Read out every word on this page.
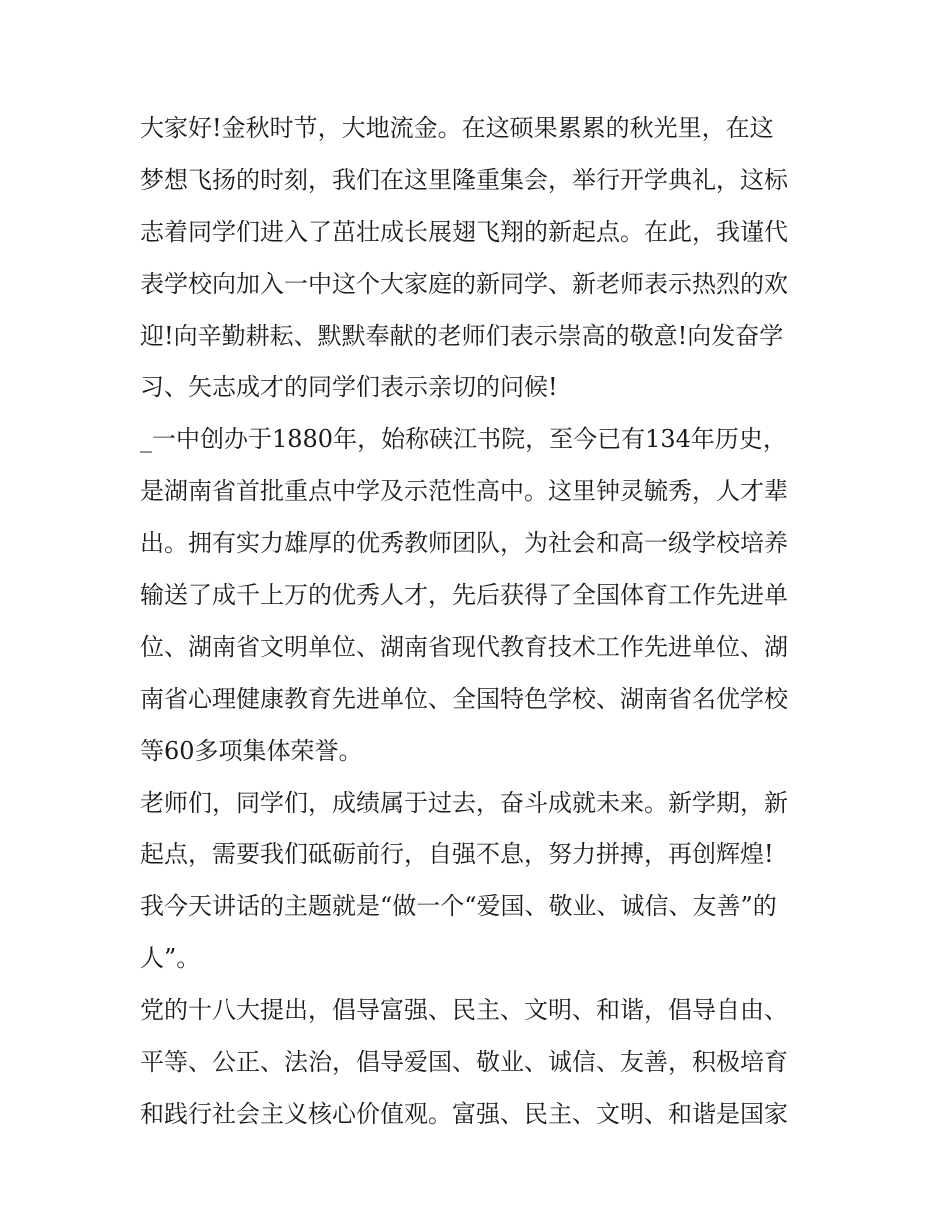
大家好!金秋时节，大地流金。在这硕果累累的秋光里，在这
梦想飞扬的时刻，我们在这里隆重集会，举行开学典礼，这标
志着同学们进入了茁壮成长展翅飞翔的新起点。在此，我谨代
表学校向加入一中这个大家庭的新同学、新老师表示热烈的欢
迎!向辛勤耕耘、默默奉献的老师们表示崇高的敬意!向发奋学
习、矢志成才的同学们表示亲切的问候!
_一中创办于1880年，始称硖江书院，至今已有134年历史，
是湖南省首批重点中学及示范性高中。这里钟灵毓秀，人才辈
出。拥有实力雄厚的优秀教师团队，为社会和高一级学校培养
输送了成千上万的优秀人才，先后获得了全国体育工作先进单
位、湖南省文明单位、湖南省现代教育技术工作先进单位、湖
南省心理健康教育先进单位、全国特色学校、湖南省名优学校
等60多项集体荣誉。
老师们，同学们，成绩属于过去，奋斗成就未来。新学期，新
起点，需要我们砥砺前行，自强不息，努力拼搏，再创辉煌!
我今天讲话的主题就是“做一个“爱国、敬业、诚信、友善”的
人”。
党的十八大提出，倡导富强、民主、文明、和谐，倡导自由、
平等、公正、法治，倡导爱国、敬业、诚信、友善，积极培育
和践行社会主义核心价值观。富强、民主、文明、和谐是国家
